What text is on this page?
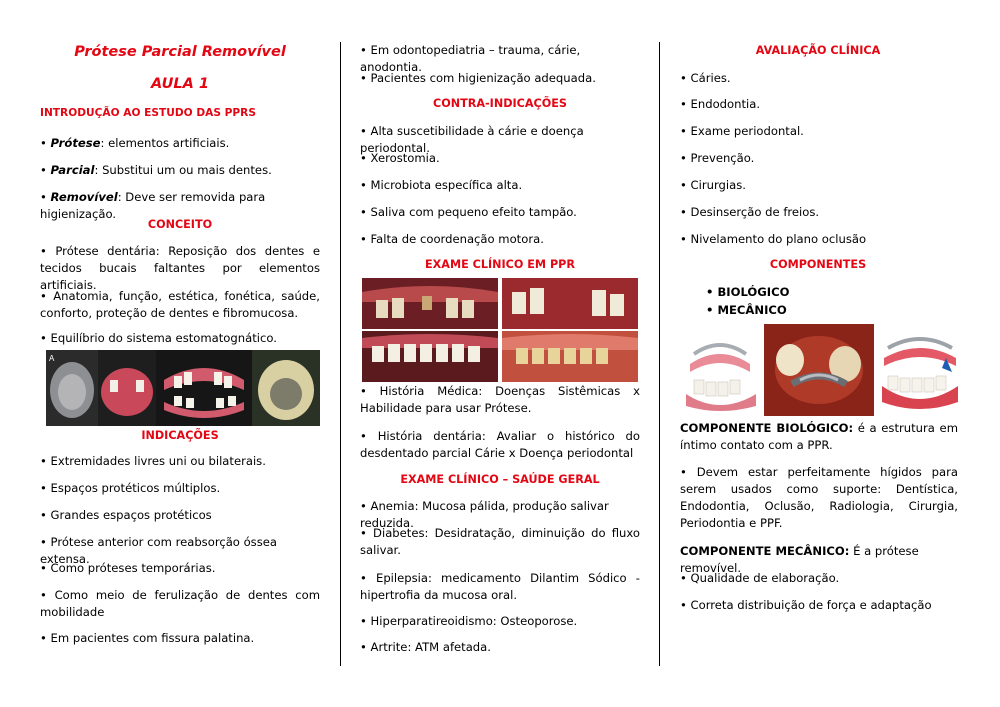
Prótese Parcial Removível
AULA 1
INTRODUÇÃO AO ESTUDO DAS PPRS

• Prótese: elementos artificiais.

• Parcial: Substitui um ou mais dentes.

• Removível: Deve ser removida para higienização.

CONCEITO

• Prótese dentária: Reposição dos dentes e tecidos bucais faltantes por elementos artificiais.

• Anatomia, função, estética, fonética, saúde, conforto, proteção de dentes e fibromucosa.

• Equilíbrio do sistema estomatognático.

A
INDICAÇÕES

• Extremidades livres uni ou bilaterais.

• Espaços protéticos múltiplos.

• Grandes espaços protéticos

• Prótese anterior com reabsorção óssea extensa.

• Como próteses temporárias.

• Como meio de ferulização de dentes com mobilidade

• Em pacientes com fissura palatina.

• Em odontopediatria – trauma, cárie, anodontia.

• Pacientes com higienização adequada.

CONTRA-INDICAÇÕES

• Alta suscetibilidade à cárie e doença periodontal.

• Xerostomia.

• Microbiota específica alta.

• Saliva com pequeno efeito tampão.

• Falta de coordenação motora.

EXAME CLÍNICO EM PPR

• História Médica: Doenças Sistêmicas x Habilidade para usar Prótese.

• História dentária: Avaliar o histórico do desdentado parcial Cárie x Doença periodontal

EXAME CLÍNICO – SAÚDE GERAL

• Anemia: Mucosa pálida, produção salivar reduzida.

• Diabetes: Desidratação, diminuição do fluxo salivar.

• Epilepsia: medicamento Dilantim Sódico - hipertrofia da mucosa oral.

• Hiperparatireoidismo: Osteoporose.

• Artrite: ATM afetada.

AVALIAÇÃO CLÍNICA

• Cáries.

• Endodontia.

• Exame periodontal.

• Prevenção.

• Cirurgias.

• Desinserção de freios.

• Nivelamento do plano oclusão

COMPONENTES

• BIOLÓGICO

• MECÂNICO

COMPONENTE BIOLÓGICO: é a estrutura em íntimo contato com a PPR.

• Devem estar perfeitamente hígidos para serem usados como suporte: Dentística, Endodontia, Oclusão, Radiologia, Cirurgia, Periodontia e PPF.

COMPONENTE MECÂNICO: É a prótese removível.

• Qualidade de elaboração.

• Correta distribuição de força e adaptação
